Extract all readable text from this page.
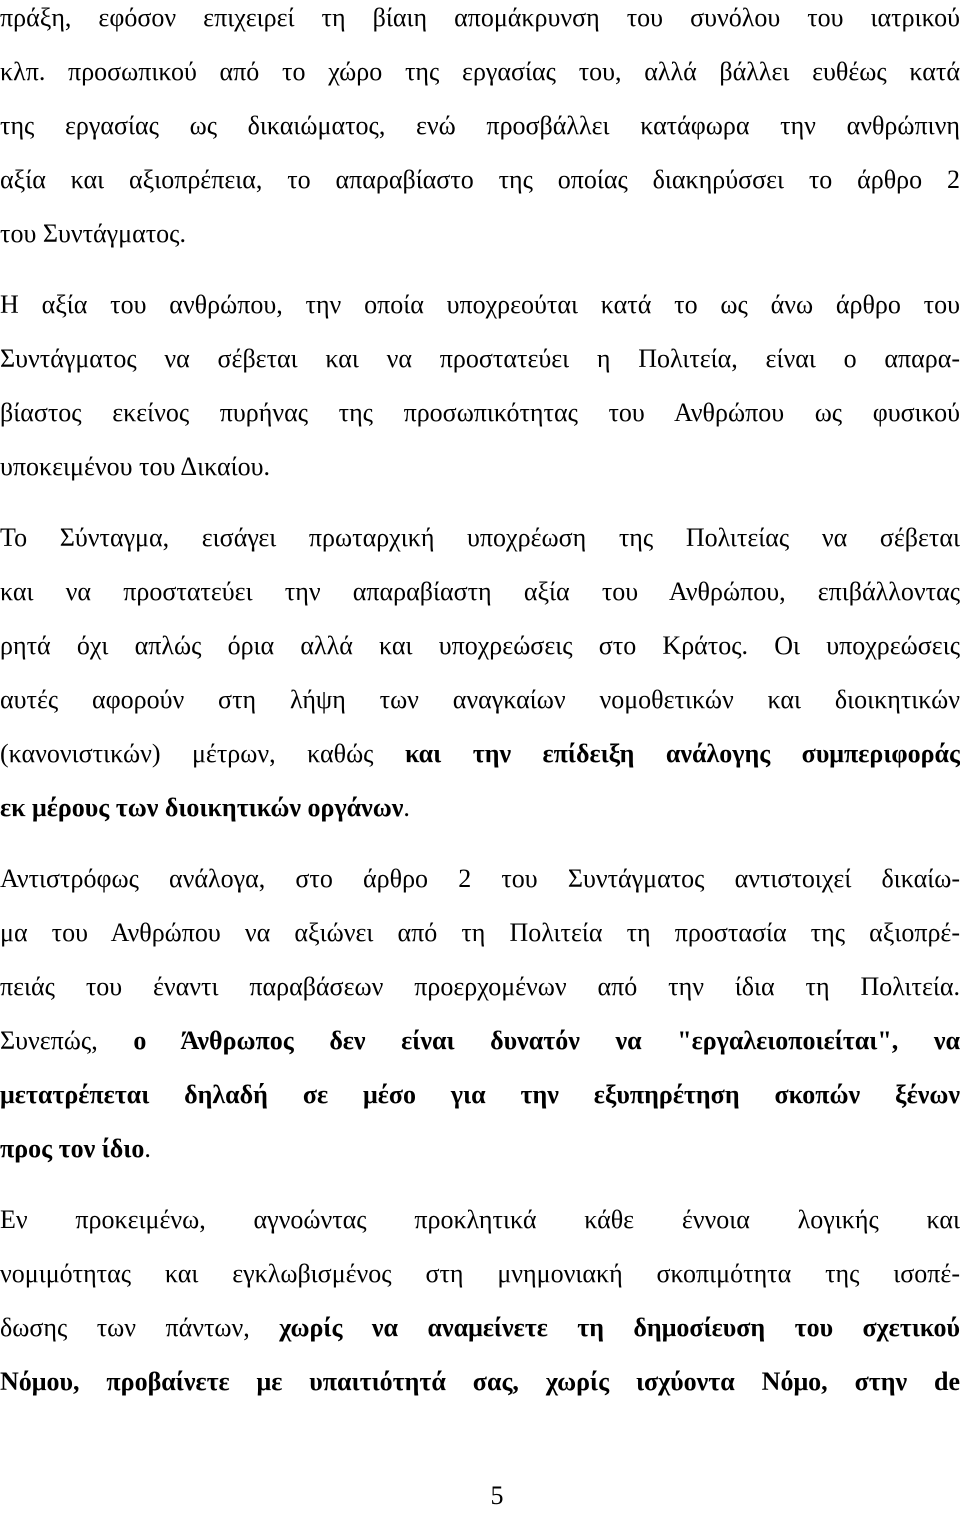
πράξη, εφόσον επιχειρεί τη βίαιη απομάκρυνση του συνόλου του ιατρικού
κλπ. προσωπικού από το χώρο της εργασίας του, αλλά βάλλει ευθέως κατά
της εργασίας ως δικαιώματος, ενώ προσβάλλει κατάφωρα την ανθρώπινη
αξία και αξιοπρέπεια, το απαραβίαστο της οποίας διακηρύσσει το άρθρο 2
του Συντάγματος.
Η αξία του ανθρώπου, την οποία υποχρεούται κατά το ως άνω άρθρο του
Συντάγματος να σέβεται και να προστατεύει η Πολιτεία, είναι ο απαρα-
βίαστος εκείνος πυρήνας της προσωπικότητας του Ανθρώπου ως φυσικού
υποκειμένου του Δικαίου.
Το Σύνταγμα, εισάγει πρωταρχική υποχρέωση της Πολιτείας να σέβεται
και να προστατεύει την απαραβίαστη αξία του Ανθρώπου, επιβάλλοντας
ρητά όχι απλώς όρια αλλά και υποχρεώσεις στο Κράτος. Οι υποχρεώσεις
αυτές αφορούν στη λήψη των αναγκαίων νομοθετικών και διοικητικών
(κανονιστικών) μέτρων, καθώς και την επίδειξη ανάλογης συμπεριφοράς
εκ μέρους των διοικητικών οργάνων.
Αντιστρόφως ανάλογα, στο άρθρο 2 του Συντάγματος αντιστοιχεί δικαίω-
μα του Ανθρώπου να αξιώνει από τη Πολιτεία τη προστασία της αξιοπρέ-
πειάς του έναντι παραβάσεων προερχομένων από την ίδια τη Πολιτεία.
Συνεπώς, ο Άνθρωπος δεν είναι δυνατόν να "εργαλειοποιείται", να
μετατρέπεται δηλαδή σε μέσο για την εξυπηρέτηση σκοπών ξένων
προς τον ίδιο.
Εν προκειμένω, αγνοώντας προκλητικά κάθε έννοια λογικής και
νομιμότητας και εγκλωβισμένος στη μνημονιακή σκοπιμότητα της ισοπέ-
δωσης των πάντων, χωρίς να αναμείνετε τη δημοσίευση του σχετικού
Νόμου, προβαίνετε με υπαιτιότητά σας, χωρίς ισχύοντα Νόμο, στην de
5
